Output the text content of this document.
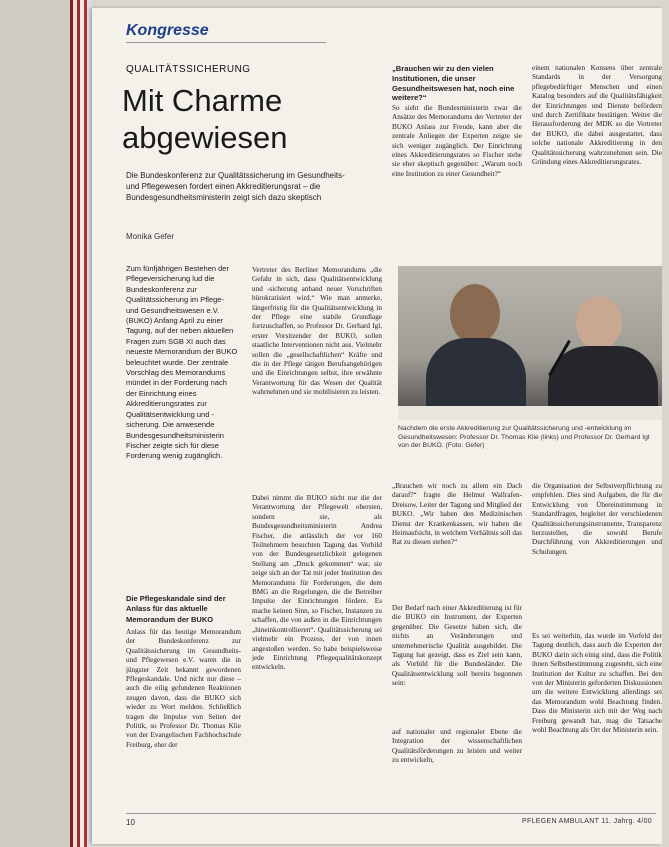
Kongresse
QUALITÄTSSICHERUNG
Mit Charme abgewiesen
Die Bundeskonferenz zur Qualitätssicherung im Gesundheits- und Pflegewesen fordert einen Akkreditierungsrat – die Bundesgesundheitsministerin zeigt sich dazu skeptisch
Monika Gefer
„Brauchen wir zu den vielen Institutionen, die unser Gesundheitswesen hat, noch eine weitere?“
So sieht die Bundesministerin zwar die Ansätze des Memorandums der Vertreter der BUKO Anlass zur Freude, kann aber die zentrale Anliegen der Experten zeigte sie sich weniger zugänglich. Der Einrichtung eines Akkreditierungsrates so Fischer stehe sie eher skeptisch gegenüber: „Warum noch eine Institution zu einer Gesundheit?“
einem nationalen Konsens über zentrale Standards in der Versorgung pflegebedürftiger Menschen und einen Katalog besonders auf die Qualitätsfähigkeit der Einrichtungen und Dienste befördern und durch Zertifikate bestätigen. Weiter die Herausforderung der MDK so die Vertreter der BUKO, die dabei ausgestattet, dass solche nationale Akkreditierung in den Qualitätssicherung wahrzunehmen sein. Die Gründung eines Akkreditierungsrates.
Zum fünfjährigen Bestehen der Pflegeversicherung lud die Bundeskonferenz zur Qualitätssicherung im Pflege- und Gesundheitswesen e.V. (BUKO) Anfang April zu einer Tagung, auf der neben aktuellen Fragen zum SGB XI auch das neueste Memorandum der BUKO beleuchtet wurde. Der zentrale Vorschlag des Memorandums mündet in der Forderung nach der Einrichtung eines Akkreditierungsrates zur Qualitätsentwicklung und -sicherung. Die anwesende Bundesgesundheitsministerin Fischer zeigte sich für diese Forderung wenig zugänglich.
Die Pflegeskandale sind der Anlass für das aktuelle Memorandum der BUKO
Anlass für das heutige Memorandum der Bundeskonferenz zur Qualitätssicherung im Gesundheits- und Pflegewesen e.V. waren die in jüngster Zeit bekannt gewordenen Pflegeskandale. Und nicht nur diese – auch die eilig gefundenen Reaktionen zeugen davon, dass die BUKO sich wieder zu Wort meldete. Schließlich tragen die Impulse von Seiten der Politik, so Professor Dr. Thomas Klie von der Evangelischen Fachhochschule Freiburg, eher der
Vertreter des Berliner Memorandums „die Gefahr in sich, dass Qualitätsentwicklung und -sicherung anhand neuer Vorschriften bürokratisiert wird.“ Wie man anmerke, längerfristig für die Qualitätsentwicklung in der Pflege eine stabile Grundlage fortzuschaffen, so Professor Dr. Gerhard Igl, erster Vorsitzender der BUKO, sollen staatliche Interventionen nicht aus. Vielmehr sollen die „gesellschaftlichen“ Kräfte und die in der Pflege tätigen Berufsangehörigen und die Einrichtungen selbst, ihre erwähnte Verantwortung für das Wesen der Qualität wahrnehmen und sie mobilisieren zu leisten.
Dabei nimmt die BUKO nicht nur die der Verantwortung der Pflegewelt obersten, sondern sie, als Bundesgesundheitsministerin Andrea Fischer, die anlässlich der vor 160 Teilnehmern besuchten Tagung das Vorbild von der Bundesgesetzlichkeit gelegenen Stellung am „Druck gekommen“ war, sie zeige sich an der Tat mit jeder Institution des Memorandums für Forderungen, die dem BMG an die Regelungen, die die Betreiber Impulse der Einrichtungen fördere. Es mache keinen Sinn, so Fischer, Instanzen zu schaffen, die von außen in die Einrichtungen „hineinkontrollieren“. Qualitätssicherung sei vielmehr ein Prozess, der von innen angestoßen werden. So habe beispielsweise jede Einrichtung Pflegequalitätskonzept entwickeln.
Nachdem die erste Akkreditierung zur Qualitätssicherung und -entwicklung im Gesundheitswesen: Professor Dr. Thomas Klie (links) und Professor Dr. Gerhard Igl von der BUKO. (Foto: Gefer)
„Brauchen wir noch zu allem ein Dach darauf?“ fragte die Helmut Wallrafen-Dreisow, Leiter der Tagung und Mitglied der BUKO. „Wir haben den Medizinischen Dienst der Krankenkassen, wir haben die Heimaufsicht, in welchem Verhältnis soll das Rat zu diesen stehen?“
Der Bedarf nach einer Akkreditierung ist für die BUKO ein Instrument, der Experten gegenüber. Die Gesetze haben sich, die nichts an Veränderungen und unternehmerische Qualität ausgebildet. Die Tagung hat gezeigt, dass es Ziel sein kann, als Vorbild für die Bundesländer. Die Qualitätsentwicklung soll bereits begonnen sein:
auf nationaler und regionaler Ebene die Integration der wissenschaftlichen Qualitätsförderungen zu leisten und weiter zu entwickeln,
die Organisation der Selbstverpflichtung zu empfehlen. Dies sind Aufgaben, die für die Entwicklung von Übereinstimmung in Standardfragen, begleitet der verschiedenen Qualitätssicherungsinstrumente, Transparenz herzustellen, die sowohl Berufe Durchführung von Akkreditierungen und Schulungen.
Es sei weiterhin, das wurde im Vorfeld der Tagung deutlich, dass auch die Experten der BUKO darin sich einig sind, dass die Politik ihnen Selbstbestimmung zugesteht, sich eine Institution der Kultur zu schaffen. Bei den von der Ministerin geforderten Diskussionen um die weitere Entwicklung allerdings sei das Memorandum wohl Beachtung finden. Dass die Ministerin sich mit der Weg nach Freiburg gewandt hat, mag die Tatsache wohl Beachtung als Ort der Ministerin sein.
10	PFLEGEN AMBULANT 11. Jahrg. 4/00
